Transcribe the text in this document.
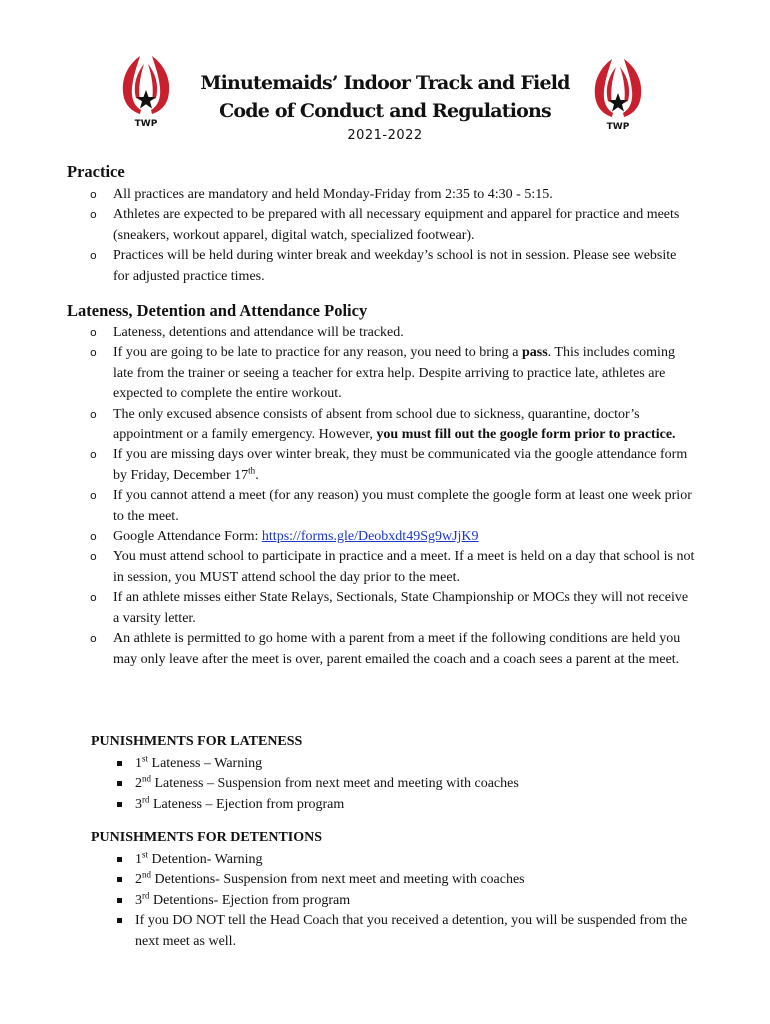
TWP	TWP
Minutemaids’ Indoor Track and Field
Code of Conduct and Regulations
2021-2022
Practice
o All practices are mandatory and held Monday-Friday from 2:35 to 4:30 - 5:15.
o Athletes are expected to be prepared with all necessary equipment and apparel for practice and meets (sneakers, workout apparel, digital watch, specialized footwear).
o Practices will be held during winter break and weekday’s school is not in session. Please see website for adjusted practice times.
Lateness, Detention and Attendance Policy
o Lateness, detentions and attendance will be tracked.
o If you are going to be late to practice for any reason, you need to bring a pass. This includes coming late from the trainer or seeing a teacher for extra help. Despite arriving to practice late, athletes are expected to complete the entire workout.
o The only excused absence consists of absent from school due to sickness, quarantine, doctor’s appointment or a family emergency. However, you must fill out the google form prior to practice.
o If you are missing days over winter break, they must be communicated via the google attendance form by Friday, December 17th.
o If you cannot attend a meet (for any reason) you must complete the google form at least one week prior to the meet.
o Google Attendance Form: https://forms.gle/Deobxdt49Sg9wJjK9
o You must attend school to participate in practice and a meet. If a meet is held on a day that school is not in session, you MUST attend school the day prior to the meet.
o If an athlete misses either State Relays, Sectionals, State Championship or MOCs they will not receive a varsity letter.
o An athlete is permitted to go home with a parent from a meet if the following conditions are held you may only leave after the meet is over, parent emailed the coach and a coach sees a parent at the meet.
PUNISHMENTS FOR LATENESS
1st Lateness – Warning
2nd Lateness – Suspension from next meet and meeting with coaches
3rd Lateness – Ejection from program
PUNISHMENTS FOR DETENTIONS
1st Detention- Warning
2nd Detentions- Suspension from next meet and meeting with coaches
3rd Detentions- Ejection from program
If you DO NOT tell the Head Coach that you received a detention, you will be suspended from the next meet as well.
